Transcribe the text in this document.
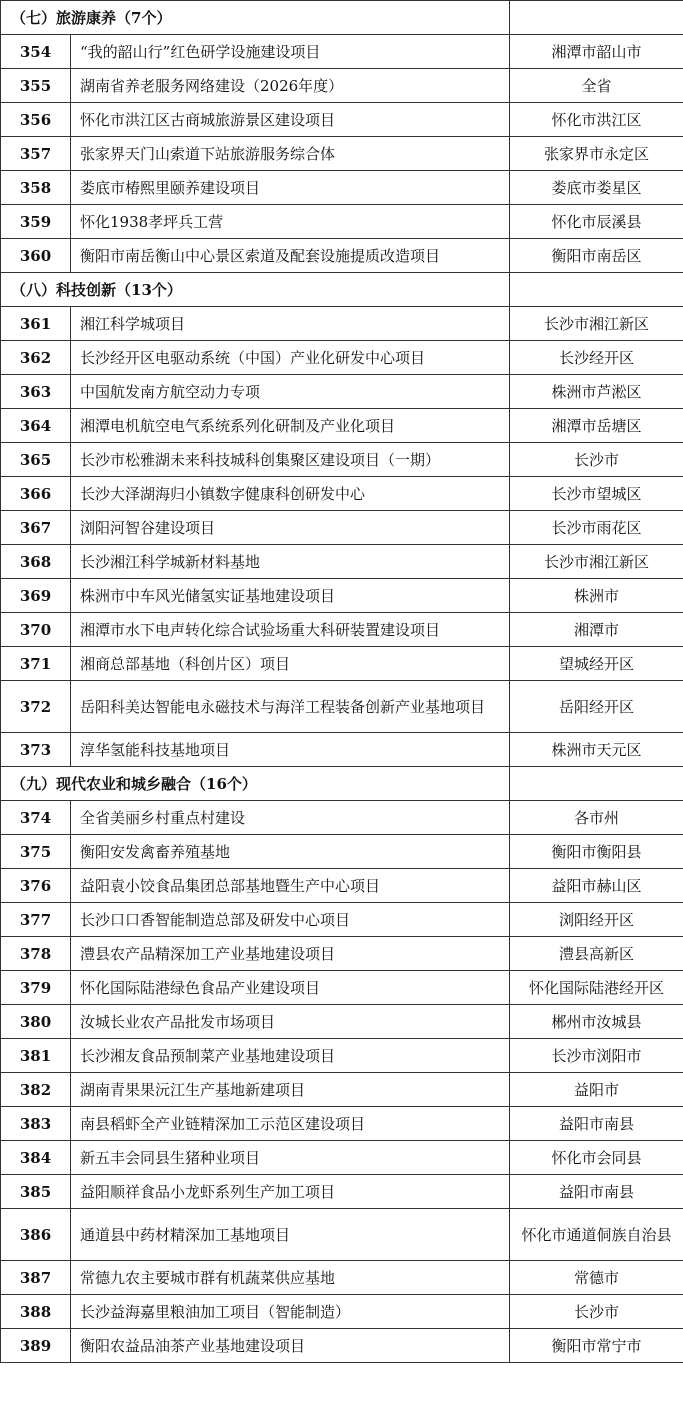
（七）旅游康养（7个）		
354	“我的韶山行”红色研学设施建设项目	湘潭市韶山市
355	湖南省养老服务网络建设（2026年度）	全省
356	怀化市洪江区古商城旅游景区建设项目	怀化市洪江区
357	张家界天门山索道下站旅游服务综合体	张家界市永定区
358	娄底市椿熙里颐养建设项目	娄底市娄星区
359	怀化1938孝坪兵工营	怀化市辰溪县
360	衡阳市南岳衡山中心景区索道及配套设施提质改造项目	衡阳市南岳区
（八）科技创新（13个）		
361	湘江科学城项目	长沙市湘江新区
362	长沙经开区电驱动系统（中国）产业化研发中心项目	长沙经开区
363	中国航发南方航空动力专项	株洲市芦淞区
364	湘潭电机航空电气系统系列化研制及产业化项目	湘潭市岳塘区
365	长沙市松雅湖未来科技城科创集聚区建设项目（一期）	长沙市
366	长沙大泽湖海归小镇数字健康科创研发中心	长沙市望城区
367	浏阳河智谷建设项目	长沙市雨花区
368	长沙湘江科学城新材料基地	长沙市湘江新区
369	株洲市中车风光储氢实证基地建设项目	株洲市
370	湘潭市水下电声转化综合试验场重大科研装置建设项目	湘潭市
371	湘商总部基地（科创片区）项目	望城经开区
372	岳阳科美达智能电永磁技术与海洋工程装备创新产业基地项目	岳阳经开区
373	淳华氢能科技基地项目	株洲市天元区
（九）现代农业和城乡融合（16个）		
374	全省美丽乡村重点村建设	各市州
375	衡阳安发禽畜养殖基地	衡阳市衡阳县
376	益阳袁小饺食品集团总部基地暨生产中心项目	益阳市赫山区
377	长沙口口香智能制造总部及研发中心项目	浏阳经开区
378	澧县农产品精深加工产业基地建设项目	澧县高新区
379	怀化国际陆港绿色食品产业建设项目	怀化国际陆港经开区
380	汝城长业农产品批发市场项目	郴州市汝城县
381	长沙湘友食品预制菜产业基地建设项目	长沙市浏阳市
382	湖南青果果沅江生产基地新建项目	益阳市
383	南县稻虾全产业链精深加工示范区建设项目	益阳市南县
384	新五丰会同县生猪种业项目	怀化市会同县
385	益阳顺祥食品小龙虾系列生产加工项目	益阳市南县
386	通道县中药材精深加工基地项目	怀化市通道侗族自治县
387	常德九农主要城市群有机蔬菜供应基地	常德市
388	长沙益海嘉里粮油加工项目（智能制造）	长沙市
389	衡阳农益品油茶产业基地建设项目	衡阳市常宁市
